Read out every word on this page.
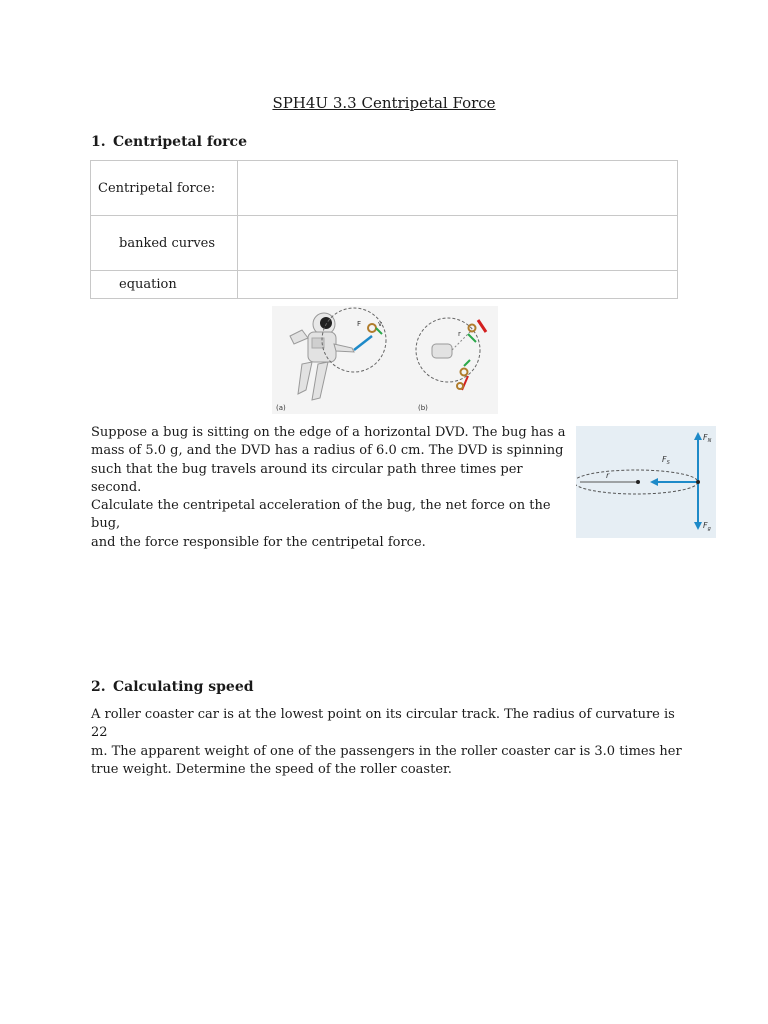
SPH4U 3.3 Centripetal Force
1. Centripetal force
Centripetal force:	

banked curves	

equation	

F v
(a)
r
(b)
Suppose a bug is sitting on the edge of a horizontal DVD. The bug has a
mass of 5.0 g, and the DVD has a radius of 6.0 cm. The DVD is spinning
such that the bug travels around its circular path three times per second.
Calculate the centripetal acceleration of the bug, the net force on the bug,
and the force responsible for the centripetal force.
r
$F_S$
$F_N$
$F_g$
2. Calculating speed
A roller coaster car is at the lowest point on its circular track. The radius of curvature is 22
m. The apparent weight of one of the passengers in the roller coaster car is 3.0 times her
true weight. Determine the speed of the roller coaster.
